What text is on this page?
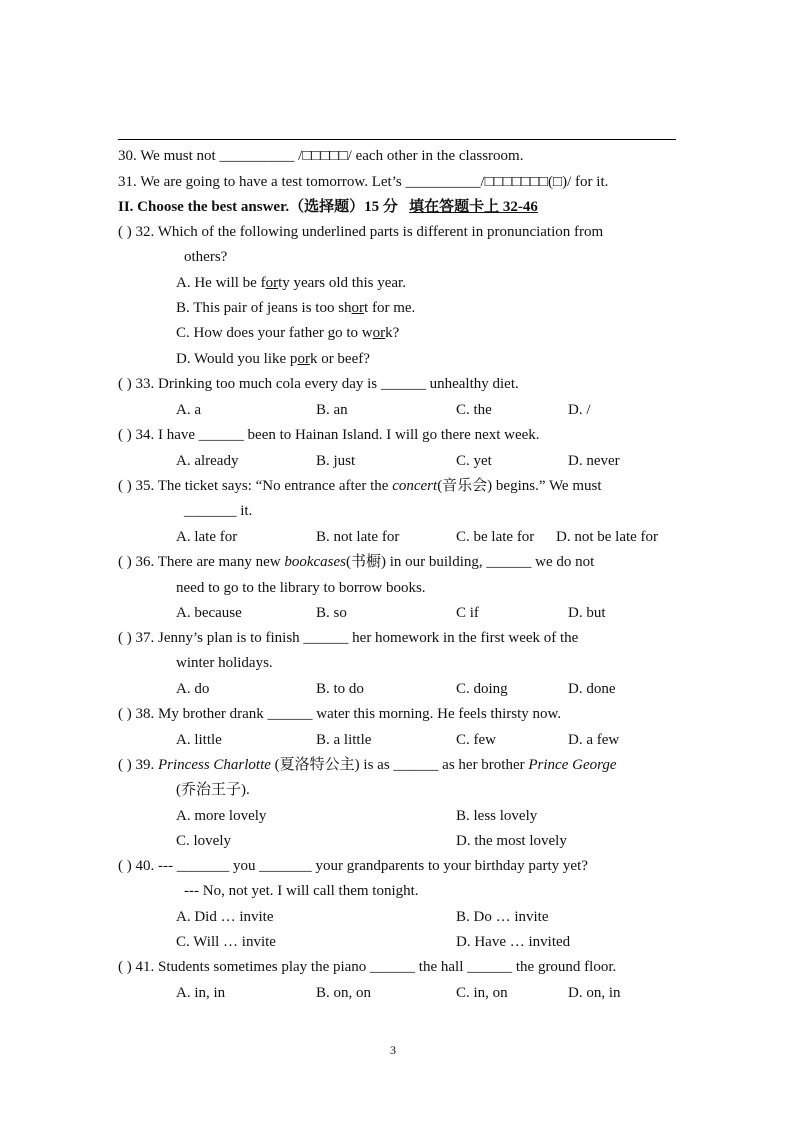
30. We must not __________ /□□□□□/ each other in the classroom.
31. We are going to have a test tomorrow. Let’s __________/□□□□□□□(□)/ for it.
II. Choose the best answer.（选择题）15 分 填在答题卡上 32-46
( ) 32. Which of the following underlined parts is different in pronunciation from
others?
A. He will be forty years old this year.
B. This pair of jeans is too short for me.
C. How does your father go to work?
D. Would you like pork or beef?
( ) 33. Drinking too much cola every day is ______ unhealthy diet.
A. a	B. an	C. the	D. /
( ) 34. I have ______ been to Hainan Island. I will go there next week.
A. already	B. just	C. yet	D. never
( ) 35. The ticket says: “No entrance after the concert(音乐会) begins.” We must
_______ it.
A. late for	B. not late for	C. be late for D. not be late for
( ) 36. There are many new bookcases(书橱) in our building, ______ we do not
need to go to the library to borrow books.
A. because	B. so	C if	D. but
( ) 37. Jenny’s plan is to finish ______ her homework in the first week of the
winter holidays.
A. do	B. to do	C. doing	D. done
( ) 38. My brother drank ______ water this morning. He feels thirsty now.
A. little	B. a little	C. few	D. a few
( ) 39. Princess Charlotte (夏洛特公主) is as ______ as her brother Prince George
(乔治王子).
A. more lovely	B. less lovely
C. lovely	D. the most lovely
( ) 40. --- _______ you _______ your grandparents to your birthday party yet?
--- No, not yet. I will call them tonight.
A. Did … invite	B. Do … invite
C. Will … invite	D. Have … invited
( ) 41. Students sometimes play the piano ______ the hall ______ the ground floor.
A. in, in	B. on, on	C. in, on	D. on, in
3
